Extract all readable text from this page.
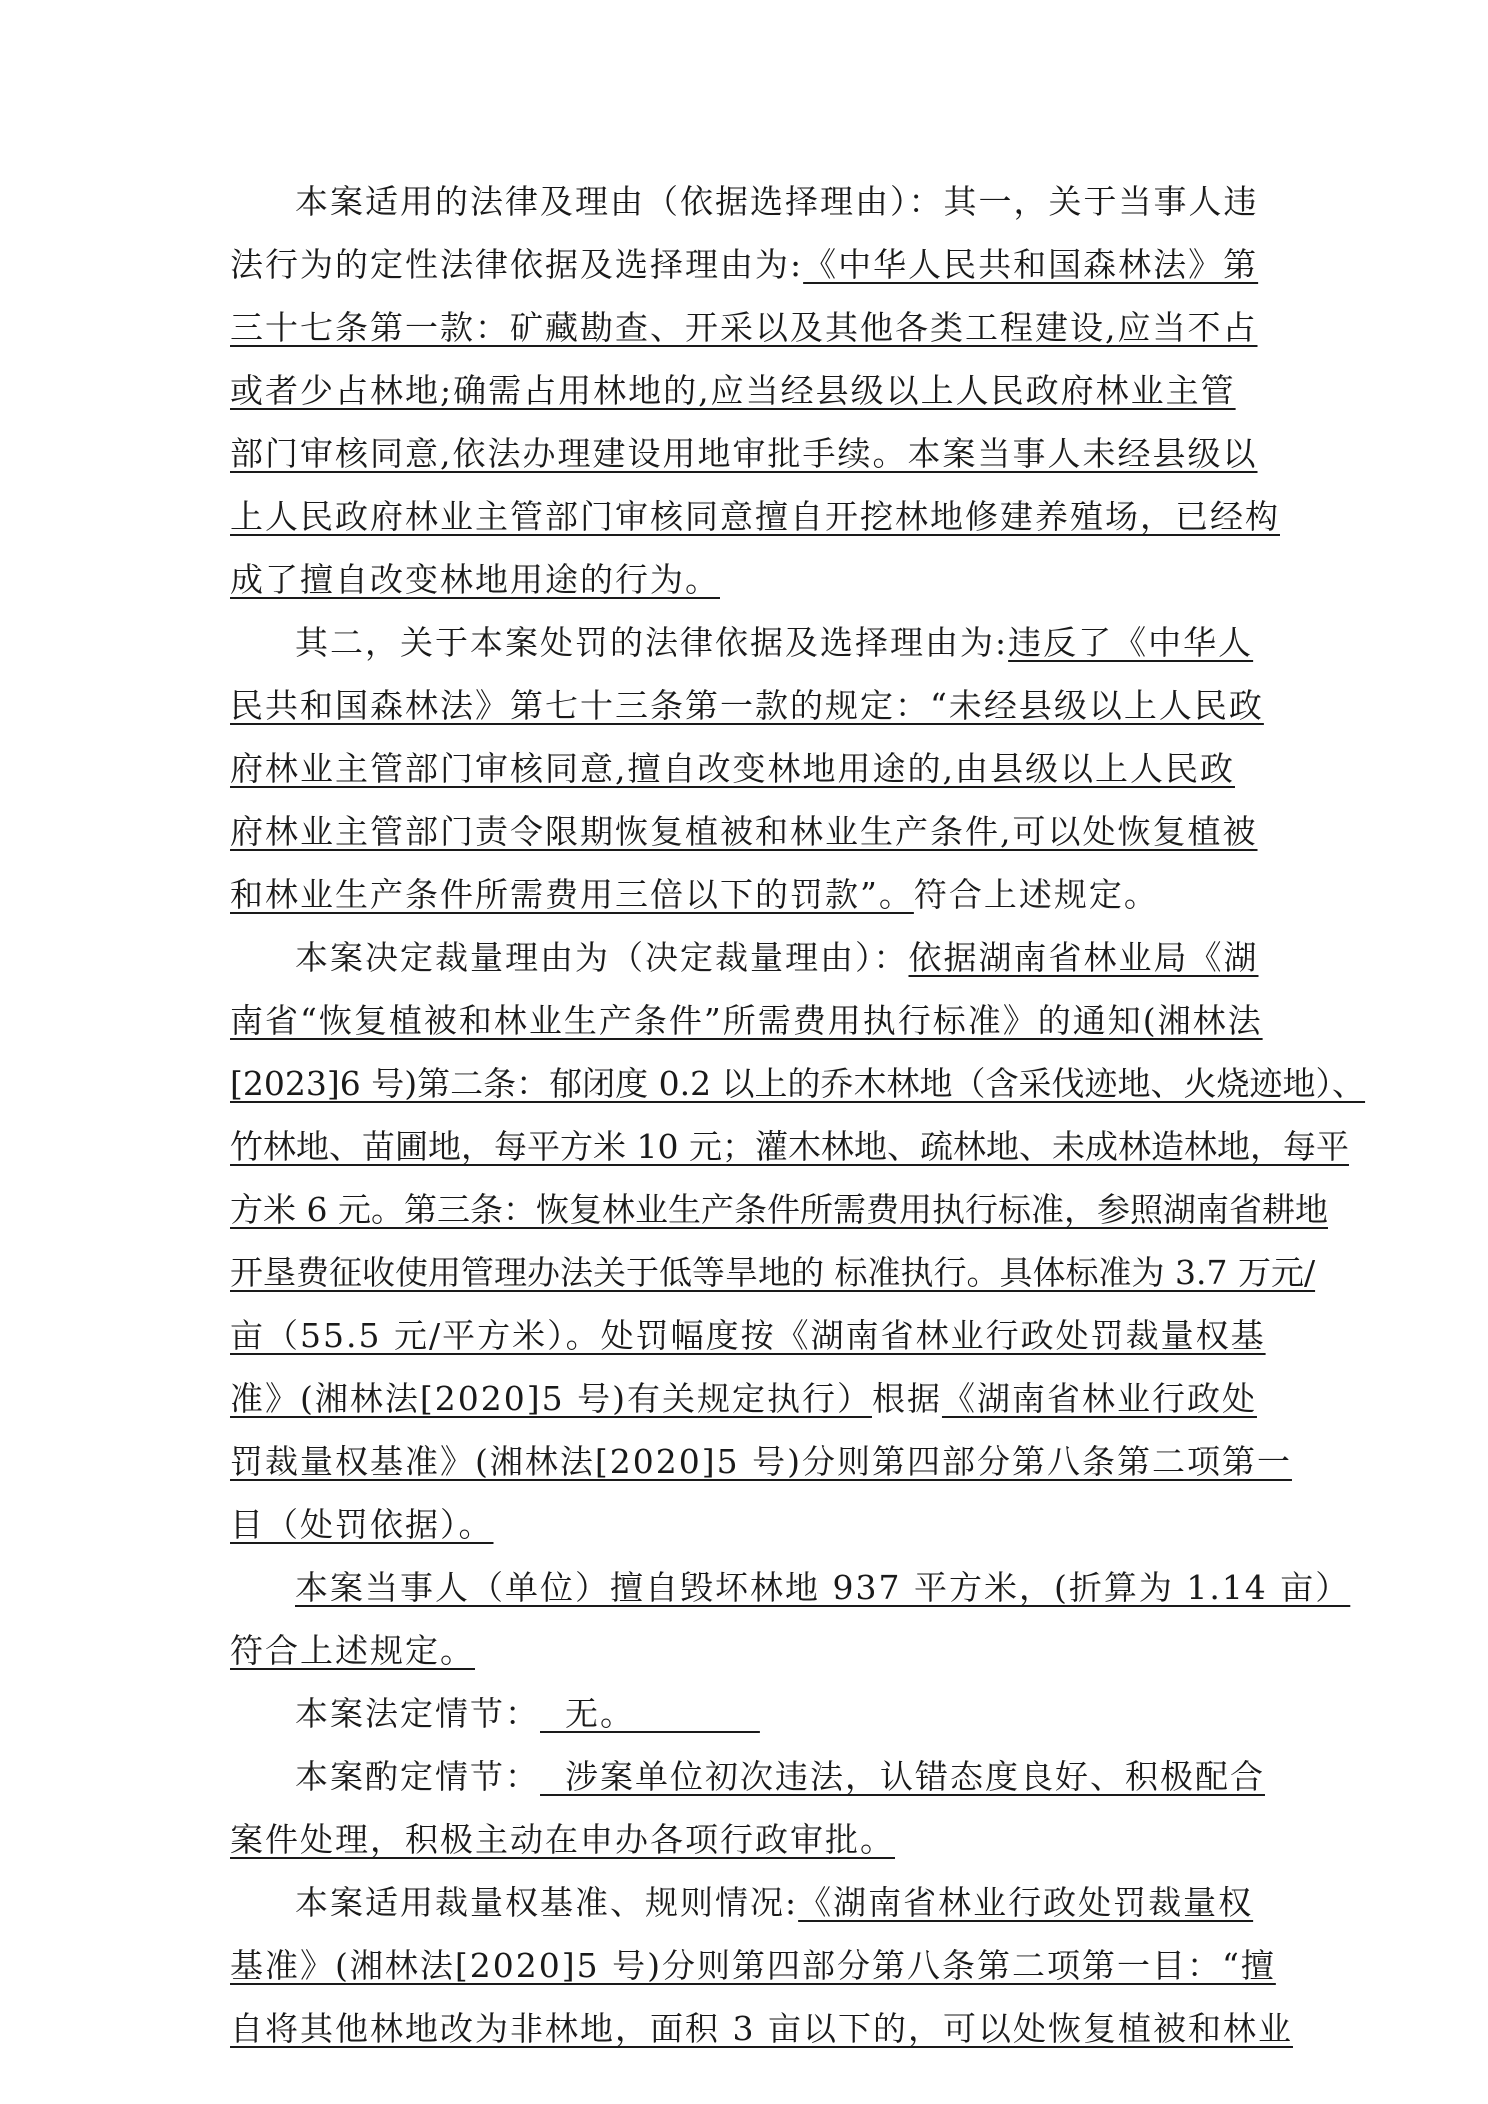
本案适用的法律及理由（依据选择理由）：其一，关于当事人违
法行为的定性法律依据及选择理由为:《中华人民共和国森林法》第
三十七条第一款：矿藏勘查、开采以及其他各类工程建设,应当不占
或者少占林地;确需占用林地的,应当经县级以上人民政府林业主管
部门审核同意,依法办理建设用地审批手续。本案当事人未经县级以
上人民政府林业主管部门审核同意擅自开挖林地修建养殖场，已经构
成了擅自改变林地用途的行为。
其二，关于本案处罚的法律依据及选择理由为:违反了《中华人
民共和国森林法》第七十三条第一款的规定：“未经县级以上人民政
府林业主管部门审核同意,擅自改变林地用途的,由县级以上人民政
府林业主管部门责令限期恢复植被和林业生产条件,可以处恢复植被
和林业生产条件所需费用三倍以下的罚款”。符合上述规定。
本案决定裁量理由为（决定裁量理由）：依据湖南省林业局《湖
南省“恢复植被和林业生产条件”所需费用执行标准》的通知(湘林法
[2023]6 号)第二条：郁闭度 0.2 以上的乔木林地（含采伐迹地、火烧迹地）、
竹林地、苗圃地，每平方米 10 元；灌木林地、疏林地、未成林造林地，每平
方米 6 元。第三条：恢复林业生产条件所需费用执行标准，参照湖南省耕地
开垦费征收使用管理办法关于低等旱地的 标准执行。具体标准为 3.7 万元/
亩（55.5 元/平方米）。处罚幅度按《湖南省林业行政处罚裁量权基
准》(湘林法[2020]5 号)有关规定执行）根据《湖南省林业行政处
罚裁量权基准》(湘林法[2020]5 号)分则第四部分第八条第二项第一
目（处罚依据）。
本案当事人（单位）擅自毁坏林地 937 平方米，(折算为 1.14 亩）
符合上述规定。
本案法定情节：  无。
本案酌定情节：  涉案单位初次违法，认错态度良好、积极配合
案件处理，积极主动在申办各项行政审批。
本案适用裁量权基准、规则情况:《湖南省林业行政处罚裁量权
基准》(湘林法[2020]5 号)分则第四部分第八条第二项第一目：“擅
自将其他林地改为非林地，面积 3 亩以下的，可以处恢复植被和林业
